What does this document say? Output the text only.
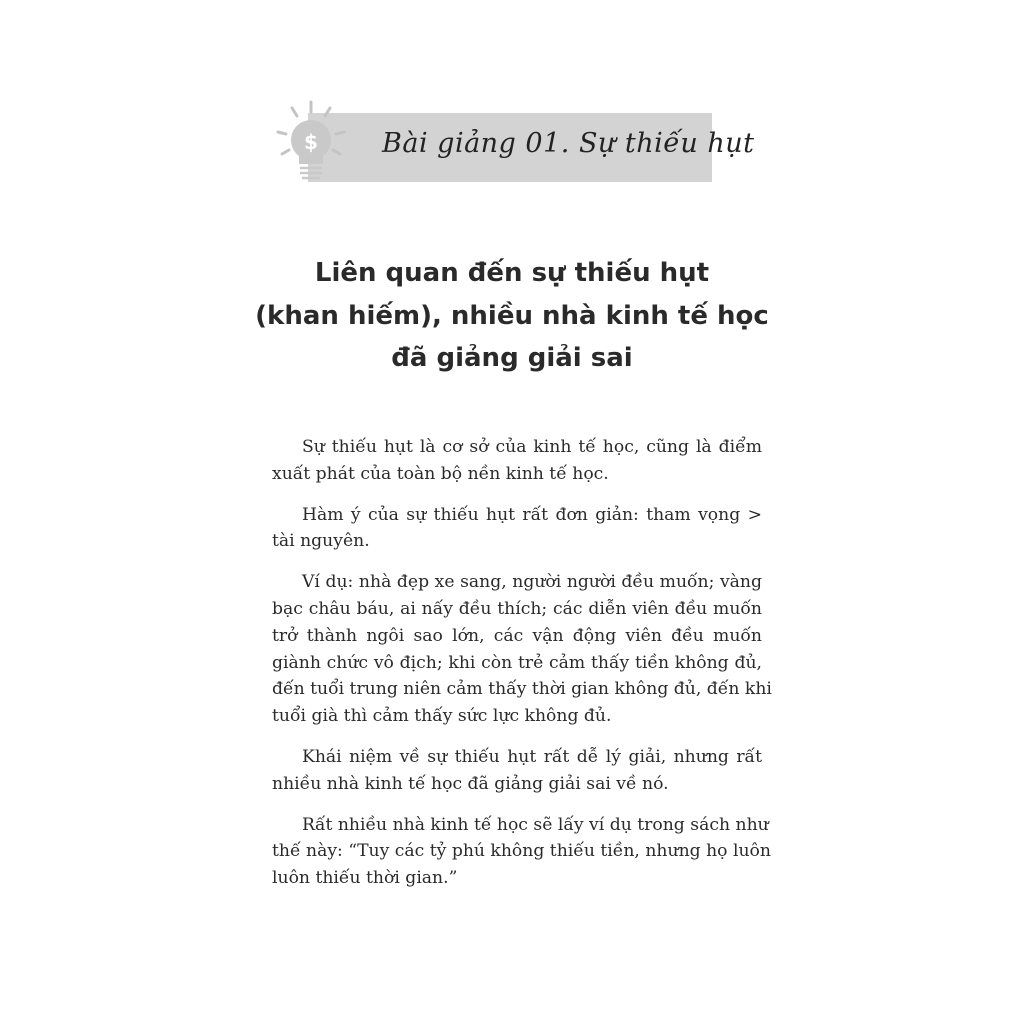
$ Bài giảng 01. Sự thiếu hụt
Liên quan đến sự thiếu hụt
(khan hiếm), nhiều nhà kinh tế học
đã giảng giải sai
Sự thiếu hụt là cơ sở của kinh tế học, cũng là điểm
xuất phát của toàn bộ nền kinh tế học.
Hàm ý của sự thiếu hụt rất đơn giản: tham vọng >
tài nguyên.
Ví dụ: nhà đẹp xe sang, người người đều muốn; vàng
bạc châu báu, ai nấy đều thích; các diễn viên đều muốn
trở thành ngôi sao lớn, các vận động viên đều muốn
giành chức vô địch; khi còn trẻ cảm thấy tiền không đủ,
đến tuổi trung niên cảm thấy thời gian không đủ, đến khi
tuổi già thì cảm thấy sức lực không đủ.
Khái niệm về sự thiếu hụt rất dễ lý giải, nhưng rất
nhiều nhà kinh tế học đã giảng giải sai về nó.
Rất nhiều nhà kinh tế học sẽ lấy ví dụ trong sách như
thế này: “Tuy các tỷ phú không thiếu tiền, nhưng họ luôn
luôn thiếu thời gian.”
